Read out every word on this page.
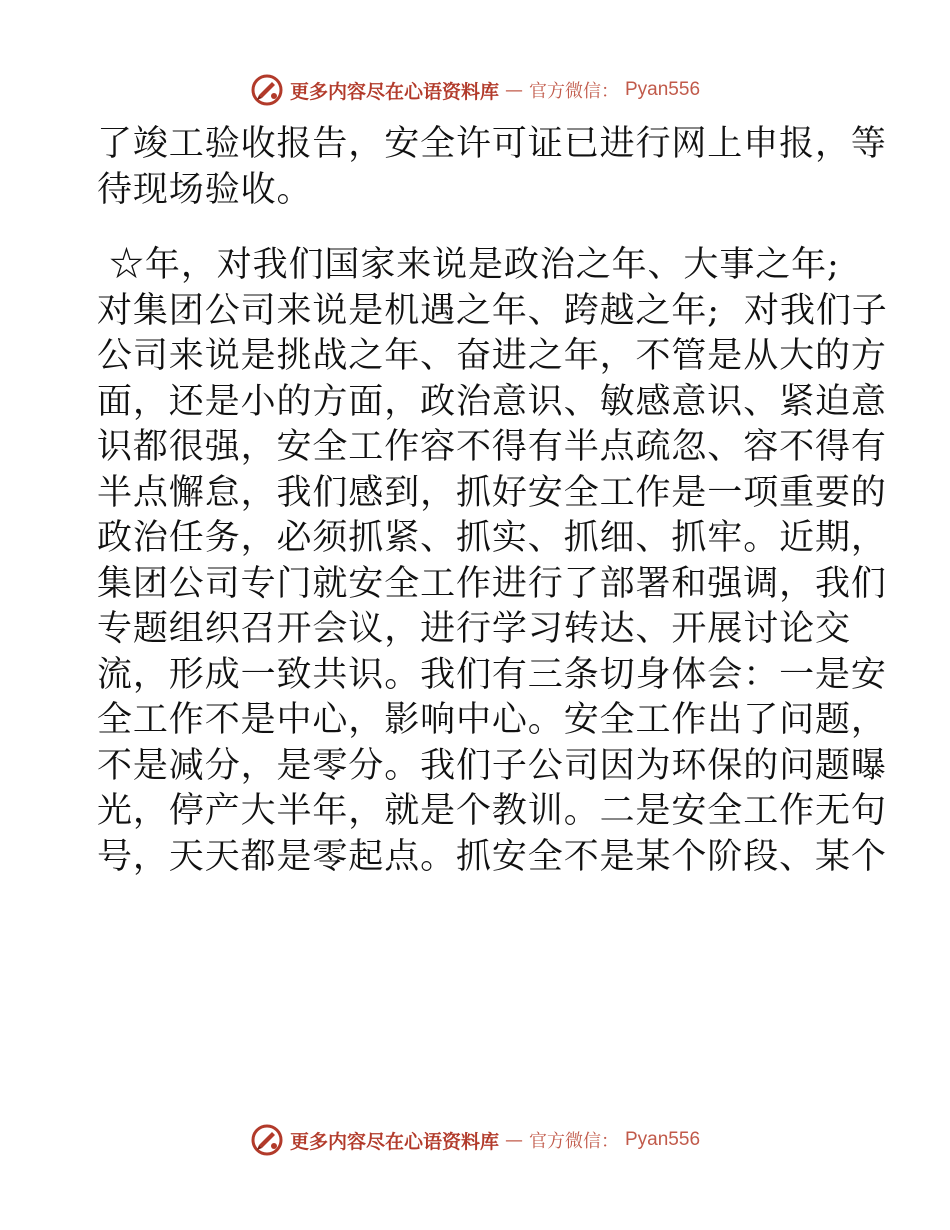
更多内容尽在心语资料库 — 官方微信： Pyan556
了竣工验收报告，安全许可证已进行网上申报，等
待现场验收。
☆年，对我们国家来说是政治之年、大事之年;
对集团公司来说是机遇之年、跨越之年;  对我们子
公司来说是挑战之年、奋进之年，不管是从大的方
面，还是小的方面，政治意识、敏感意识、紧迫意
识都很强，安全工作容不得有半点疏忽、容不得有
半点懈怠，我们感到，抓好安全工作是一项重要的
政治任务，必须抓紧、抓实、抓细、抓牢。近期，
集团公司专门就安全工作进行了部署和强调，我们
专题组织召开会议，进行学习转达、开展讨论交
流，形成一致共识。我们有三条切身体会：一是安
全工作不是中心，影响中心。安全工作出了问题，
不是减分，是零分。我们子公司因为环保的问题曝
光，停产大半年，就是个教训。二是安全工作无句
号，天天都是零起点。抓安全不是某个阶段、某个
更多内容尽在心语资料库 — 官方微信： Pyan556
